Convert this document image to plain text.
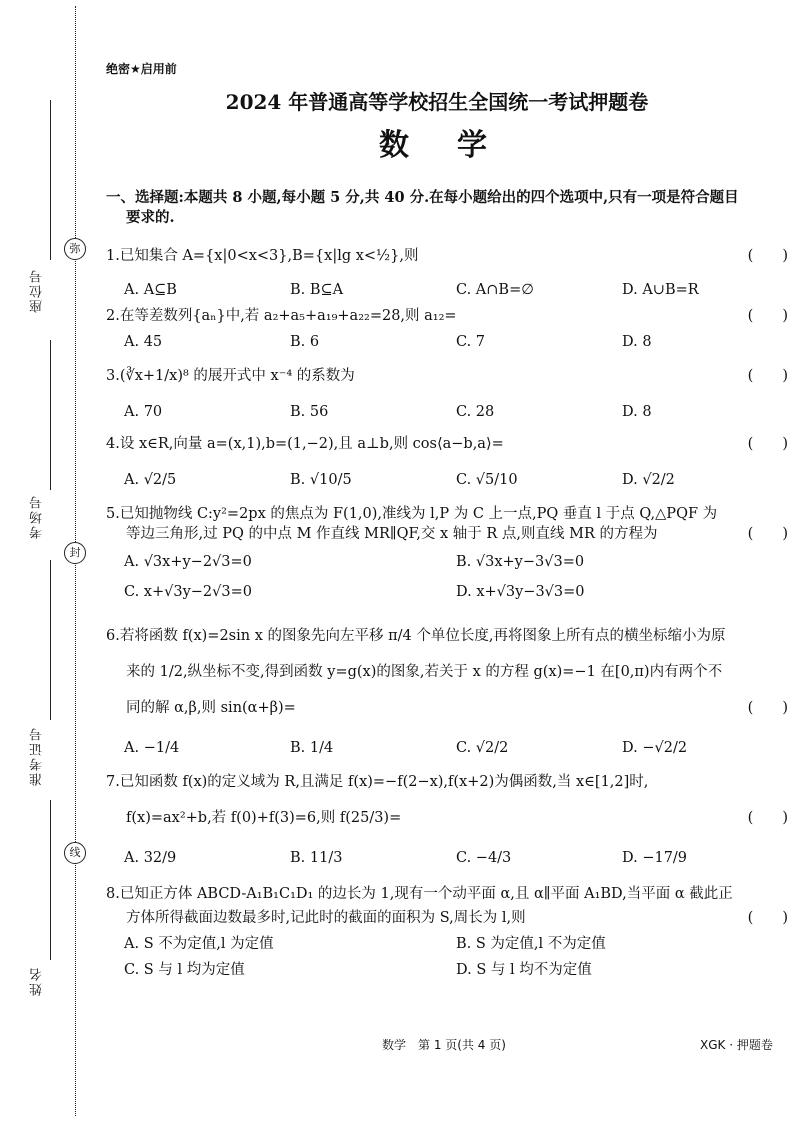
座位号
考场号
准考证号
姓名
弥
封
线
绝密★启用前
2024 年普通高等学校招生全国统一考试押题卷
数学
一、选择题:本题共 8 小题,每小题 5 分,共 40 分.在每小题给出的四个选项中,只有一项是符合题目
要求的.
1.已知集合 A={x|0<x<3},B={x|lg x<½},则	(　　)
A. A⊆B	B. B⊆A	C. A∩B=∅	D. A∪B=R
2.在等差数列{aₙ}中,若 a₂+a₅+a₁₉+a₂₂=28,则 a₁₂=	(　　)
A. 45	B. 6	C. 7	D. 8
3.(∛x+1/x)⁸ 的展开式中 x⁻⁴ 的系数为	(　　)
A. 70	B. 56	C. 28	D. 8
4.设 x∈R,向量 a=(x,1),b=(1,−2),且 a⊥b,则 cos⟨a−b,a⟩=	(　　)
A. √2/5	B. √10/5	C. √5/10	D. √2/2
5.已知抛物线 C:y²=2px 的焦点为 F(1,0),准线为 l,P 为 C 上一点,PQ 垂直 l 于点 Q,△PQF 为
等边三角形,过 PQ 的中点 M 作直线 MR∥QF,交 x 轴于 R 点,则直线 MR 的方程为	(　　)
A. √3x+y−2√3=0	B. √3x+y−3√3=0
C. x+√3y−2√3=0	D. x+√3y−3√3=0
6.若将函数 f(x)=2sin x 的图象先向左平移 π/4 个单位长度,再将图象上所有点的横坐标缩小为原
来的 1/2,纵坐标不变,得到函数 y=g(x)的图象,若关于 x 的方程 g(x)=−1 在[0,π)内有两个不
同的解 α,β,则 sin(α+β)=	(　　)
A. −1/4	B. 1/4	C. √2/2	D. −√2/2
7.已知函数 f(x)的定义域为 R,且满足 f(x)=−f(2−x),f(x+2)为偶函数,当 x∈[1,2]时,
f(x)=ax²+b,若 f(0)+f(3)=6,则 f(25/3)=	(　　)
A. 32/9	B. 11/3	C. −4/3	D. −17/9
8.已知正方体 ABCD-A₁B₁C₁D₁ 的边长为 1,现有一个动平面 α,且 α∥平面 A₁BD,当平面 α 截此正
方体所得截面边数最多时,记此时的截面的面积为 S,周长为 l,则	(　　)
A. S 不为定值,l 为定值	B. S 为定值,l 不为定值
C. S 与 l 均为定值	D. S 与 l 均不为定值
数学　第 1 页(共 4 页)	XGK · 押题卷
